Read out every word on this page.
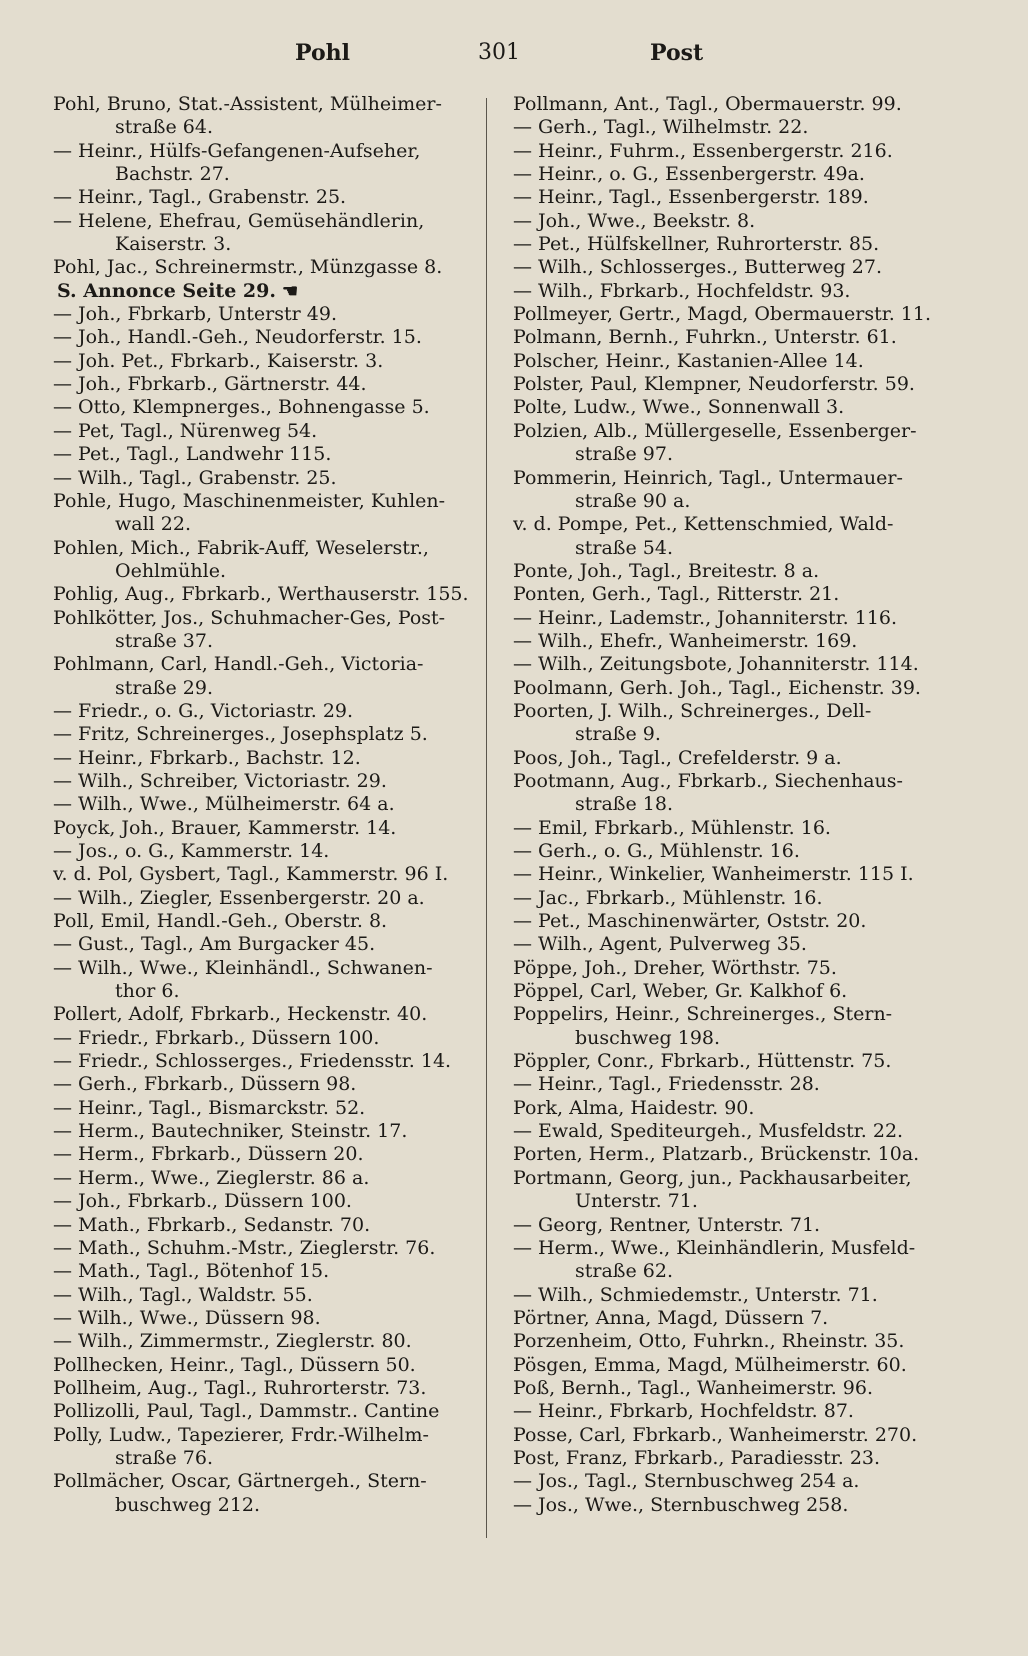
Pohl	301	Post
Pohl, Bruno, Stat.-Assistent, Mülheimer-
straße 64.
— Heinr., Hülfs-Gefangenen-Aufseher,
Bachstr. 27.
— Heinr., Tagl., Grabenstr. 25.
— Helene, Ehefrau, Gemüsehändlerin,
Kaiserstr. 3.
Pohl, Jac., Schreinermstr., Münzgasse 8.
S. Annonce Seite 29. ☚
— Joh., Fbrkarb, Unterstr 49.
— Joh., Handl.-Geh., Neudorferstr. 15.
— Joh. Pet., Fbrkarb., Kaiserstr. 3.
— Joh., Fbrkarb., Gärtnerstr. 44.
— Otto, Klempnerges., Bohnengasse 5.
— Pet, Tagl., Nürenweg 54.
— Pet., Tagl., Landwehr 115.
— Wilh., Tagl., Grabenstr. 25.
Pohle, Hugo, Maschinenmeister, Kuhlen-
wall 22.
Pohlen, Mich., Fabrik-Auff, Weselerstr.,
Oehlmühle.
Pohlig, Aug., Fbrkarb., Werthauserstr. 155.
Pohlkötter, Jos., Schuhmacher-Ges, Post-
straße 37.
Pohlmann, Carl, Handl.-Geh., Victoria-
straße 29.
— Friedr., o. G., Victoriastr. 29.
— Fritz, Schreinerges., Josephsplatz 5.
— Heinr., Fbrkarb., Bachstr. 12.
— Wilh., Schreiber, Victoriastr. 29.
— Wilh., Wwe., Mülheimerstr. 64 a.
Poyck, Joh., Brauer, Kammerstr. 14.
— Jos., o. G., Kammerstr. 14.
v. d. Pol, Gysbert, Tagl., Kammerstr. 96 I.
— Wilh., Ziegler, Essenbergerstr. 20 a.
Poll, Emil, Handl.-Geh., Oberstr. 8.
— Gust., Tagl., Am Burgacker 45.
— Wilh., Wwe., Kleinhändl., Schwanen-
thor 6.
Pollert, Adolf, Fbrkarb., Heckenstr. 40.
— Friedr., Fbrkarb., Düssern 100.
— Friedr., Schlosserges., Friedensstr. 14.
— Gerh., Fbrkarb., Düssern 98.
— Heinr., Tagl., Bismarckstr. 52.
— Herm., Bautechniker, Steinstr. 17.
— Herm., Fbrkarb., Düssern 20.
— Herm., Wwe., Zieglerstr. 86 a.
— Joh., Fbrkarb., Düssern 100.
— Math., Fbrkarb., Sedanstr. 70.
— Math., Schuhm.-Mstr., Zieglerstr. 76.
— Math., Tagl., Bötenhof 15.
— Wilh., Tagl., Waldstr. 55.
— Wilh., Wwe., Düssern 98.
— Wilh., Zimmermstr., Zieglerstr. 80.
Pollhecken, Heinr., Tagl., Düssern 50.
Pollheim, Aug., Tagl., Ruhrorterstr. 73.
Pollizolli, Paul, Tagl., Dammstr.. Cantine
Polly, Ludw., Tapezierer, Frdr.-Wilhelm-
straße 76.
Pollmächer, Oscar, Gärtnergeh., Stern-
buschweg 212.
Pollmann, Ant., Tagl., Obermauerstr. 99.
— Gerh., Tagl., Wilhelmstr. 22.
— Heinr., Fuhrm., Essenbergerstr. 216.
— Heinr., o. G., Essenbergerstr. 49a.
— Heinr., Tagl., Essenbergerstr. 189.
— Joh., Wwe., Beekstr. 8.
— Pet., Hülfskellner, Ruhrorterstr. 85.
— Wilh., Schlosserges., Butterweg 27.
— Wilh., Fbrkarb., Hochfeldstr. 93.
Pollmeyer, Gertr., Magd, Obermauerstr. 11.
Polmann, Bernh., Fuhrkn., Unterstr. 61.
Polscher, Heinr., Kastanien-Allee 14.
Polster, Paul, Klempner, Neudorferstr. 59.
Polte, Ludw., Wwe., Sonnenwall 3.
Polzien, Alb., Müllergeselle, Essenberger-
straße 97.
Pommerin, Heinrich, Tagl., Untermauer-
straße 90 a.
v. d. Pompe, Pet., Kettenschmied, Wald-
straße 54.
Ponte, Joh., Tagl., Breitestr. 8 a.
Ponten, Gerh., Tagl., Ritterstr. 21.
— Heinr., Lademstr., Johanniterstr. 116.
— Wilh., Ehefr., Wanheimerstr. 169.
— Wilh., Zeitungsbote, Johanniterstr. 114.
Poolmann, Gerh. Joh., Tagl., Eichenstr. 39.
Poorten, J. Wilh., Schreinerges., Dell-
straße 9.
Poos, Joh., Tagl., Crefelderstr. 9 a.
Pootmann, Aug., Fbrkarb., Siechenhaus-
straße 18.
— Emil, Fbrkarb., Mühlenstr. 16.
— Gerh., o. G., Mühlenstr. 16.
— Heinr., Winkelier, Wanheimerstr. 115 I.
— Jac., Fbrkarb., Mühlenstr. 16.
— Pet., Maschinenwärter, Oststr. 20.
— Wilh., Agent, Pulverweg 35.
Pöppe, Joh., Dreher, Wörthstr. 75.
Pöppel, Carl, Weber, Gr. Kalkhof 6.
Poppelirs, Heinr., Schreinerges., Stern-
buschweg 198.
Pöppler, Conr., Fbrkarb., Hüttenstr. 75.
— Heinr., Tagl., Friedensstr. 28.
Pork, Alma, Haidestr. 90.
— Ewald, Spediteurgeh., Musfeldstr. 22.
Porten, Herm., Platzarb., Brückenstr. 10a.
Portmann, Georg, jun., Packhausarbeiter,
Unterstr. 71.
— Georg, Rentner, Unterstr. 71.
— Herm., Wwe., Kleinhändlerin, Musfeld-
straße 62.
— Wilh., Schmiedemstr., Unterstr. 71.
Pörtner, Anna, Magd, Düssern 7.
Porzenheim, Otto, Fuhrkn., Rheinstr. 35.
Pösgen, Emma, Magd, Mülheimerstr. 60.
Poß, Bernh., Tagl., Wanheimerstr. 96.
— Heinr., Fbrkarb, Hochfeldstr. 87.
Posse, Carl, Fbrkarb., Wanheimerstr. 270.
Post, Franz, Fbrkarb., Paradiesstr. 23.
— Jos., Tagl., Sternbuschweg 254 a.
— Jos., Wwe., Sternbuschweg 258.
